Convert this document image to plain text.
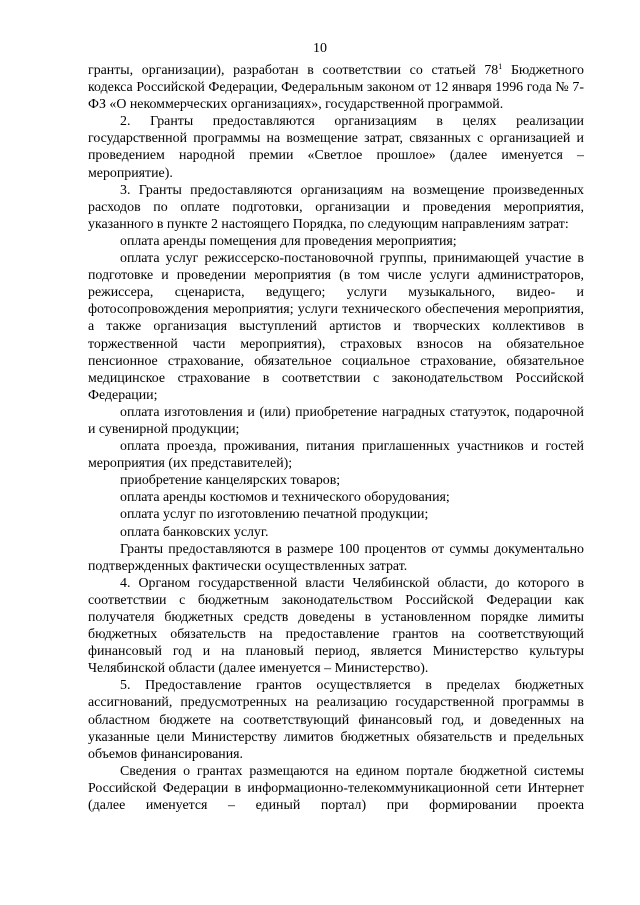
10

гранты, организации), разработан в соответствии со статьей $78^1$ Бюджетного кодекса Российской Федерации, Федеральным законом от 12 января 1996 года № 7-ФЗ «О некоммерческих организациях», государственной программой.

2. Гранты предоставляются организациям в целях реализации государственной программы на возмещение затрат, связанных с организацией и проведением народной премии «Светлое прошлое» (далее именуется – мероприятие).

3. Гранты предоставляются организациям на возмещение произведенных расходов по оплате подготовки, организации и проведения мероприятия, указанного в пункте 2 настоящего Порядка, по следующим направлениям затрат:

оплата аренды помещения для проведения мероприятия;

оплата услуг режиссерско-постановочной группы, принимающей участие в подготовке и проведении мероприятия (в том числе услуги администраторов, режиссера, сценариста, ведущего; услуги музыкального, видео- и фотосопровождения мероприятия; услуги технического обеспечения мероприятия, а также организация выступлений артистов и творческих коллективов в торжественной части мероприятия), страховых взносов на обязательное пенсионное страхование, обязательное социальное страхование, обязательное медицинское страхование в соответствии с законодательством Российской Федерации;

оплата изготовления и (или) приобретение наградных статуэток, подарочной и сувенирной продукции;

оплата проезда, проживания, питания приглашенных участников и гостей мероприятия (их представителей);

приобретение канцелярских товаров;

оплата аренды костюмов и технического оборудования;

оплата услуг по изготовлению печатной продукции;

оплата банковских услуг.

Гранты предоставляются в размере 100 процентов от суммы документально подтвержденных фактически осуществленных затрат.

4. Органом государственной власти Челябинской области, до которого в соответствии с бюджетным законодательством Российской Федерации как получателя бюджетных средств доведены в установленном порядке лимиты бюджетных обязательств на предоставление грантов на соответствующий финансовый год и на плановый период, является Министерство культуры Челябинской области (далее именуется – Министерство).

5. Предоставление грантов осуществляется в пределах бюджетных ассигнований, предусмотренных на реализацию государственной программы в областном бюджете на соответствующий финансовый год, и доведенных на указанные цели Министерству лимитов бюджетных обязательств и предельных объемов финансирования.

Сведения о грантах размещаются на едином портале бюджетной системы Российской Федерации в информационно-телекоммуникационной сети Интернет (далее именуется – единый портал) при формировании проекта
